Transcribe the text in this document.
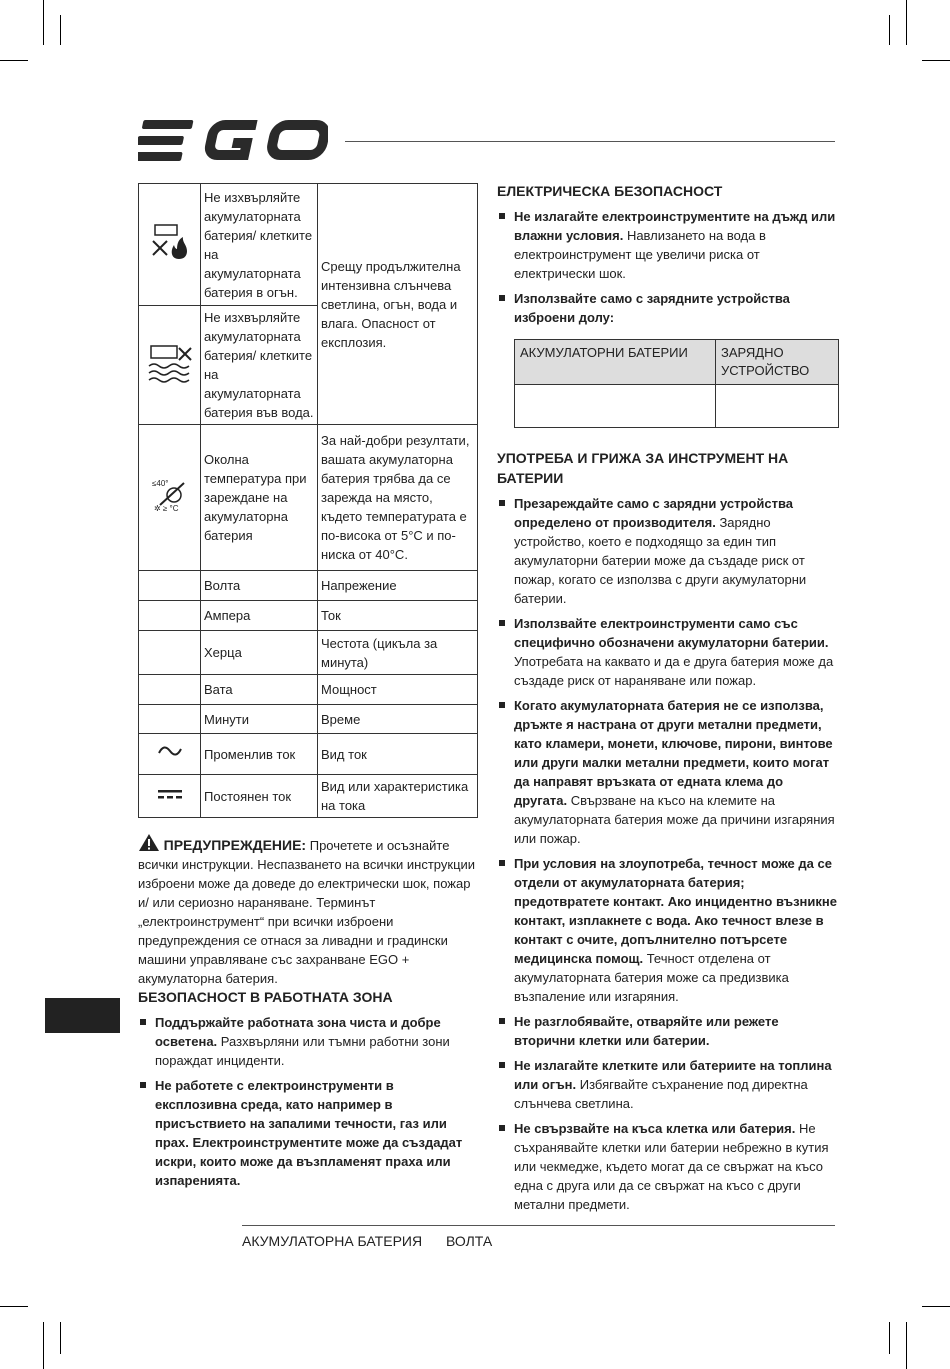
	Не изхвърляйте акумулаторната батерия/ клетките на акумулаторната батерия в огън.	Срещу продължителна интензивна слънчева светлина, огън, вода и влага. Опасност от експлозия.
	Не изхвърляйте акумулаторната батерия/ клетките на акумулаторната батерия във вода.	

≤40°
✲ ≥ °C	Околна температура при зареждане на акумулаторна батерия	За най-добри резултати, вашата акумулаторна батерия трябва да се зарежда на място, където температурата е по-висока от 5°C и по-ниска от 40°C.
	Волта	Напрежение
	Ампера	Ток
	Херца	Честота (цикъла за минута)
	Вата	Мощност
	Минути	Време
	Променлив ток	Вид ток
	Постоянен ток	Вид или характеристика на тока
ПРЕДУПРЕЖДЕНИЕ: Прочетете и осъзнайте всички инструкции. Неспазването на всички инструкции изброени може да доведе до електрически шок, пожар и/ или сериозно нараняване. Терминът „електроинструмент“ при всички изброени предупреждения се отнася за ливадни и градински машини управляване със захранване EGO + акумулаторна батерия.
БЕЗОПАСНОСТ В РАБОТНАТА ЗОНА
Поддържайте работната зона чиста и добре осветена. Разхвърляни или тъмни работни зони пораждат инциденти.
Не работете с електроинструменти в експлозивна среда, като например в присъствието на запалими течности, газ или прах. Електроинструментите може да създадат искри, които може да възпламенят праха или изпаренията.
ЕЛЕКТРИЧЕСКА БЕЗОПАСНОСТ
Не излагайте електроинструментите на дъжд или влажни условия. Навлизането на вода в електроинструмент ще увеличи риска от електрически шок.
Използвайте само с зарядните устройства изброени долу:
АКУМУЛАТОРНИ БАТЕРИИ	ЗАРЯДНО УСТРОЙСТВО

УПОТРЕБА И ГРИЖА ЗА ИНСТРУМЕНТ НА БАТЕРИИ
Презареждайте само с зарядни устройства определено от производителя. Зарядно устройство, което е подходящо за един тип акумулаторни батерии може да създаде риск от пожар, когато се използва с други акумулаторни батерии.
Използвайте електроинструменти само със специфично обозначени акумулаторни батерии. Употребата на каквато и да е друга батерия може да създаде риск от нараняване или пожар.
Когато акумулаторната батерия не се използва, дръжте я настрана от други метални предмети, като кламери, монети, ключове, пирони, винтове или други малки метални предмети, които могат да направят връзката от едната клема до другата. Свързване на късо на клемите на акумулаторната батерия може да причини изгаряния или пожар.
При условия на злоупотреба, течност може да се отдели от акумулаторната батерия; предотвратете контакт. Ако инцидентно възникне контакт, изплакнете с вода. Ако течност влезе в контакт с очите, допълнително потърсете медицинска помощ. Течност отделена от акумулаторната батерия може са предизвика възпаление или изгаряния.
Не разглобявайте, отваряйте или режете вторични клетки или батерии.
Не излагайте клетките или батериите на топлина или огън. Избягвайте съхранение под директна слънчева светлина.
Не свързвайте на къса клетка или батерия. Не съхранявайте клетки или батерии небрежно в кутия или чекмедже, където могат да се свържат на късо една с друга или да се свържат на късо с други метални предмети.
АКУМУЛАТОРНА БАТЕРИЯ ВОЛТА
